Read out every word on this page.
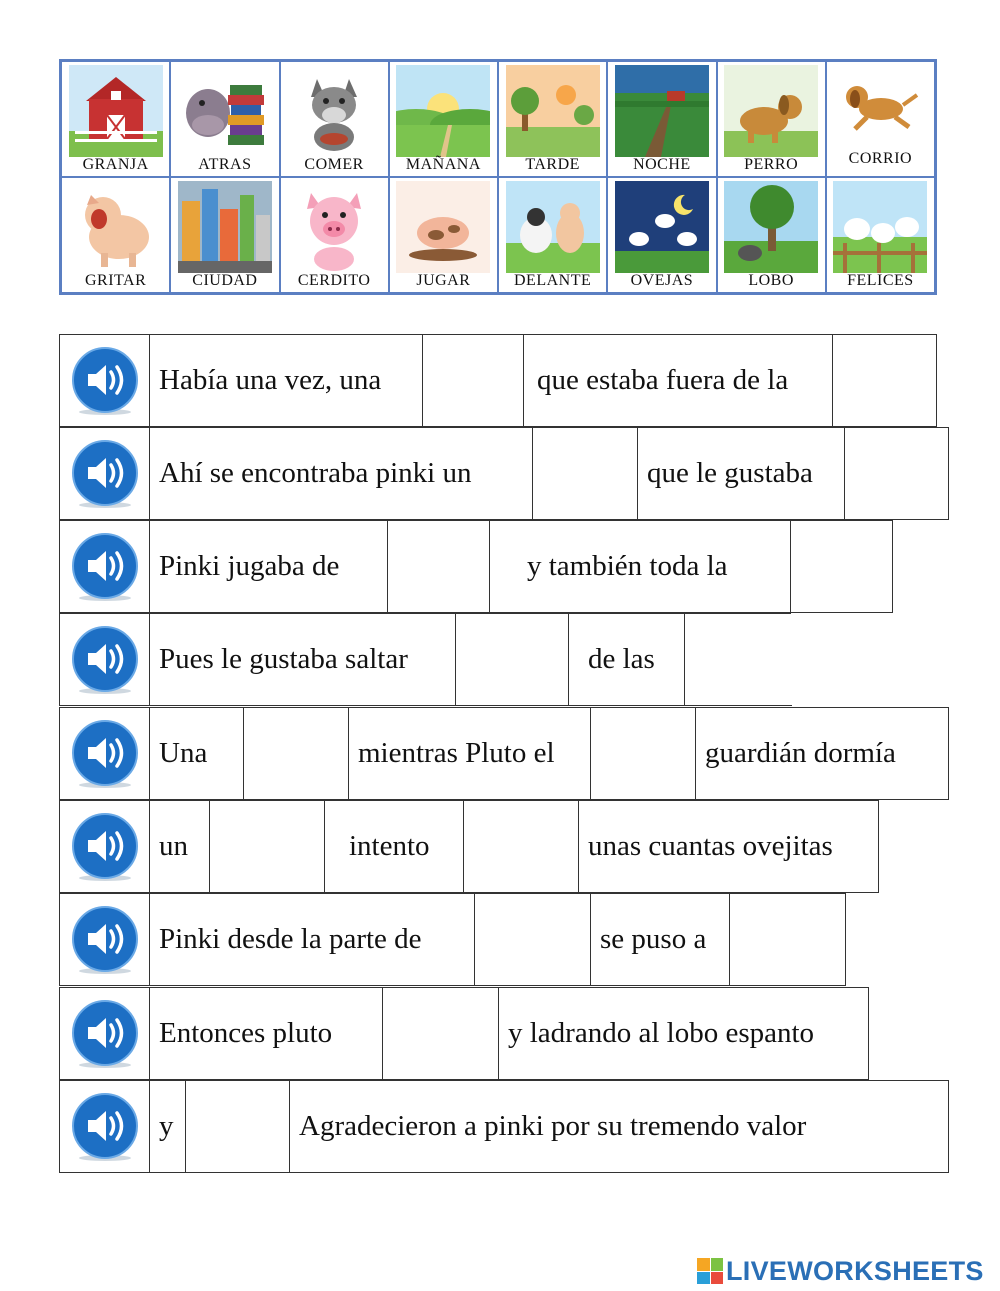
GRANJA	ATRAS	COMER	MAÑANA	TARDE	NOCHE	PERRO	CORRIO
GRITAR	CIUDAD	CERDITO	JUGAR	DELANTE	OVEJAS	LOBO	FELICES
Había una vez, una	que estaba fuera de la
Ahí se encontraba pinki un	que le gustaba
Pinki jugaba de	y también toda la
Pues le gustaba saltar	de las
Una	mientras Pluto el	guardián dormía
un	intento	unas cuantas ovejitas
Pinki desde la parte de	se puso a
Entonces pluto	y ladrando al lobo espanto
y	Agradecieron a pinki por su tremendo valor
LIVEWORKSHEETS
